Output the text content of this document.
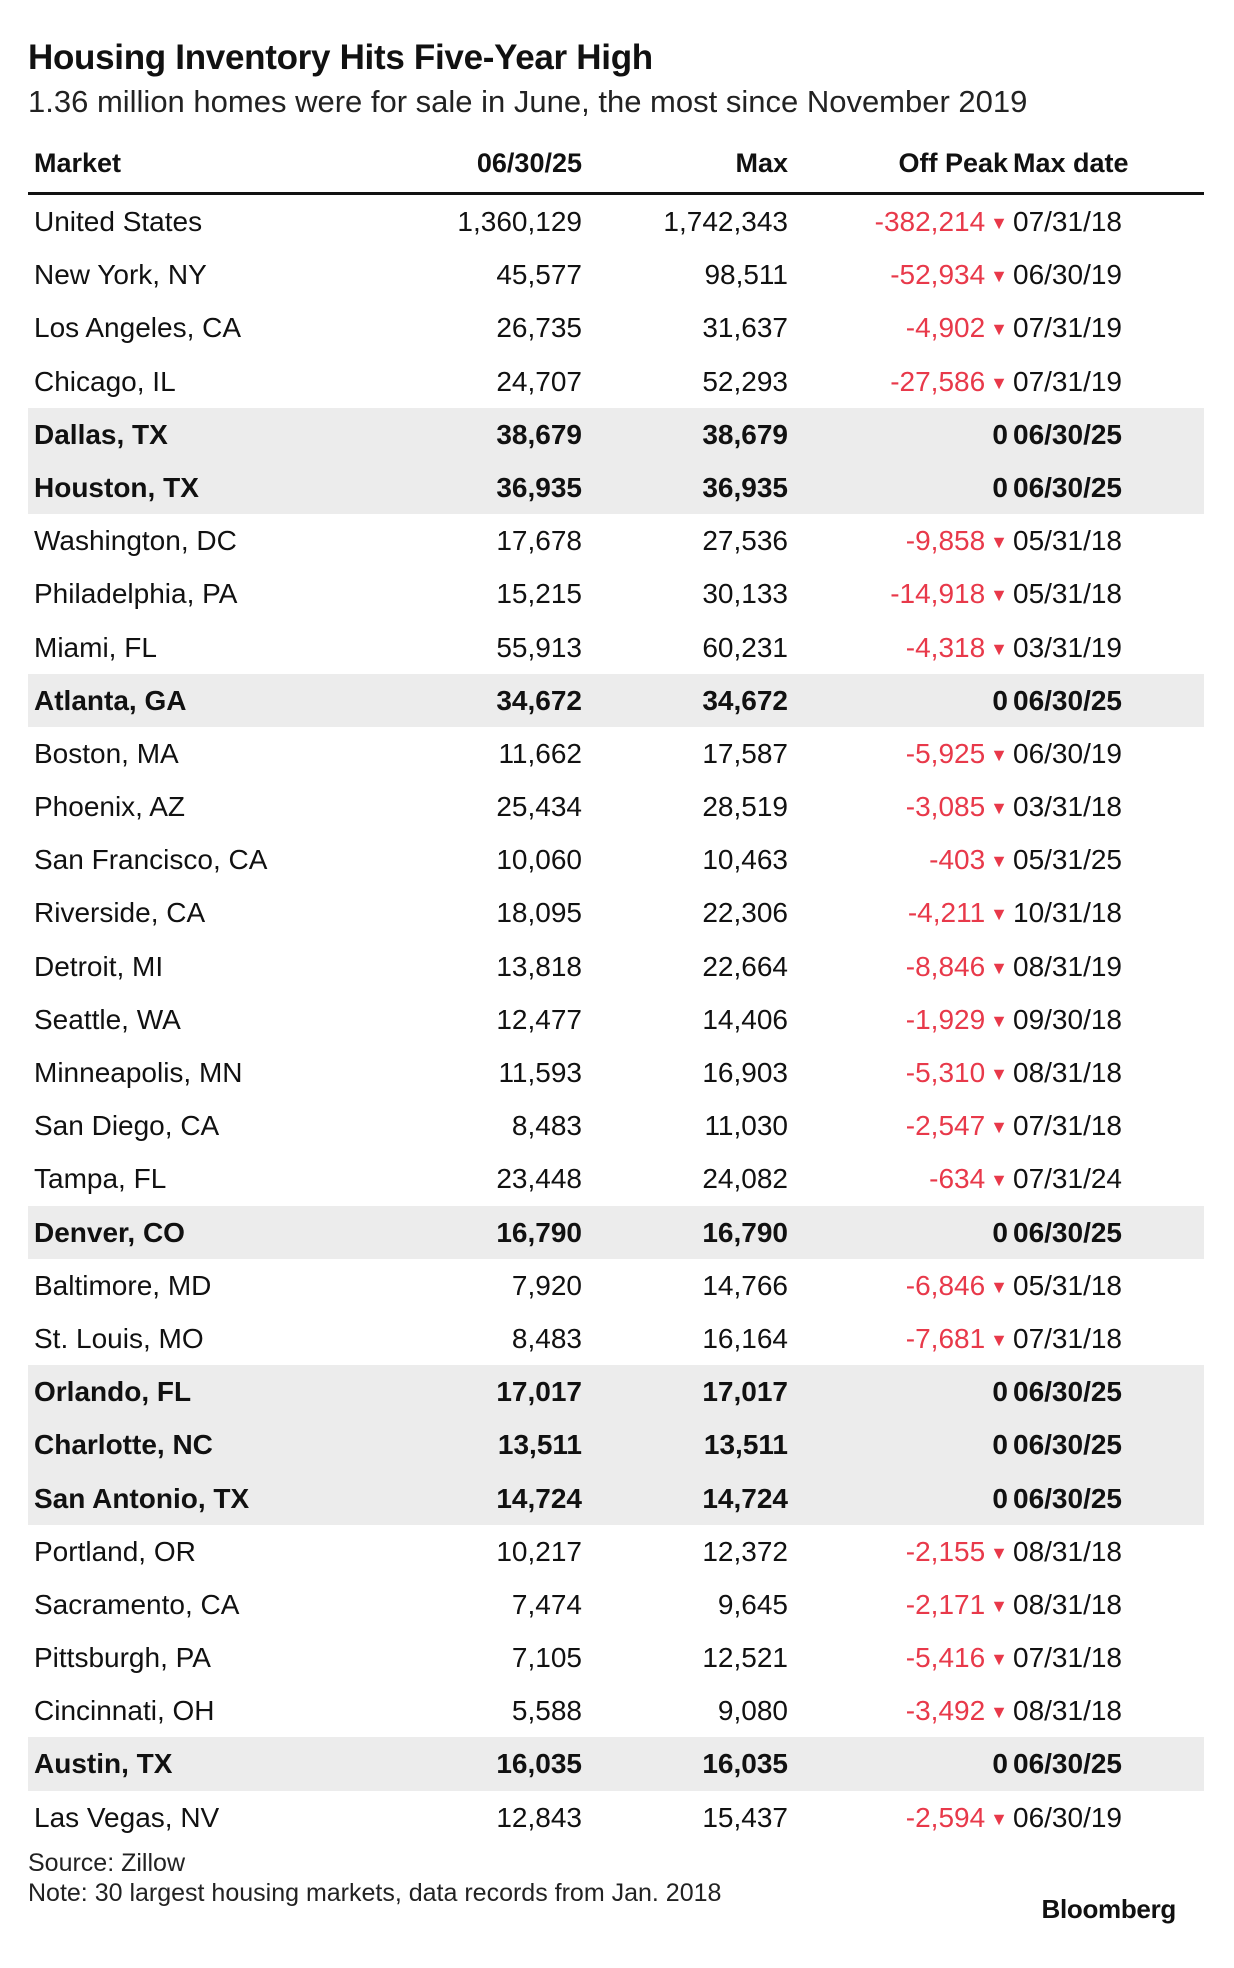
Housing Inventory Hits Five-Year High
1.36 million homes were for sale in June, the most since November 2019
Market	06/30/25	Max	Off Peak Max date
United States	1,360,129	1,742,343	-382,214 ▼ 07/31/18
New York, NY	45,577	98,511	-52,934 ▼ 06/30/19
Los Angeles, CA	26,735	31,637	-4,902 ▼ 07/31/19
Chicago, IL	24,707	52,293	-27,586 ▼ 07/31/19
Dallas, TX	38,679	38,679	0 06/30/25
Houston, TX	36,935	36,935	0 06/30/25
Washington, DC	17,678	27,536	-9,858 ▼ 05/31/18
Philadelphia, PA	15,215	30,133	-14,918 ▼ 05/31/18
Miami, FL	55,913	60,231	-4,318 ▼ 03/31/19
Atlanta, GA	34,672	34,672	0 06/30/25
Boston, MA	11,662	17,587	-5,925 ▼ 06/30/19
Phoenix, AZ	25,434	28,519	-3,085 ▼ 03/31/18
San Francisco, CA	10,060	10,463	-403 ▼ 05/31/25
Riverside, CA	18,095	22,306	-4,211 ▼ 10/31/18
Detroit, MI	13,818	22,664	-8,846 ▼ 08/31/19
Seattle, WA	12,477	14,406	-1,929 ▼ 09/30/18
Minneapolis, MN	11,593	16,903	-5,310 ▼ 08/31/18
San Diego, CA	8,483	11,030	-2,547 ▼ 07/31/18
Tampa, FL	23,448	24,082	-634 ▼ 07/31/24
Denver, CO	16,790	16,790	0 06/30/25
Baltimore, MD	7,920	14,766	-6,846 ▼ 05/31/18
St. Louis, MO	8,483	16,164	-7,681 ▼ 07/31/18
Orlando, FL	17,017	17,017	0 06/30/25
Charlotte, NC	13,511	13,511	0 06/30/25
San Antonio, TX	14,724	14,724	0 06/30/25
Portland, OR	10,217	12,372	-2,155 ▼ 08/31/18
Sacramento, CA	7,474	9,645	-2,171 ▼ 08/31/18
Pittsburgh, PA	7,105	12,521	-5,416 ▼ 07/31/18
Cincinnati, OH	5,588	9,080	-3,492 ▼ 08/31/18
Austin, TX	16,035	16,035	0 06/30/25
Las Vegas, NV	12,843	15,437	-2,594 ▼ 06/30/19
Source: Zillow
Note: 30 largest housing markets, data records from Jan. 2018
Bloomberg
